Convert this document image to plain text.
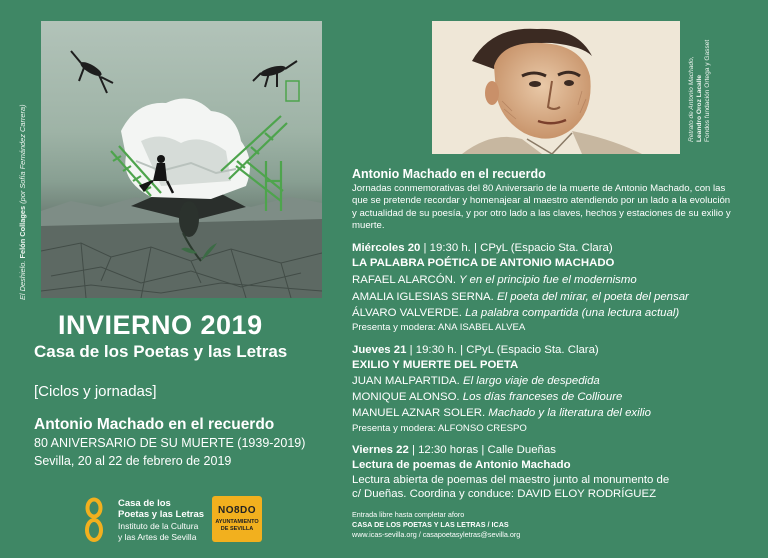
El Deshielo. Felón Collages (por Sofía Fernández Carrera)
INVIERNO 2019
Casa de los Poetas y las Letras
[Ciclos y jornadas]
Antonio Machado en el recuerdo
80 ANIVERSARIO DE SU MUERTE (1939-2019)
Sevilla, 20 al 22 de febrero de 2019
Casa de los
Poetas y las Letras
Instituto de la Cultura
y las Artes de Sevilla
NO8DO
AYUNTAMIENTO
DE SEVILLA
Retrato de Antonio Machado, Leandro Oroz Lacalle Fondos fundación Ortega y Gasset
Antonio Machado en el recuerdo
Jornadas conmemorativas del 80 Aniversario de la muerte de Antonio Machado, con las que se pretende recordar y homenajear al maestro atendiendo por un lado a la evolución y actualidad de su poesía, y por otro lado a las claves, hechos y estaciones de su exilio y muerte.
Miércoles 20 | 19:30 h. | CPyL (Espacio Sta. Clara)
LA PALABRA POÉTICA DE ANTONIO MACHADO
RAFAEL ALARCÓN. Y en el principio fue el modernismo
AMALIA IGLESIAS SERNA. El poeta del mirar, el poeta del pensar
ÁLVARO VALVERDE. La palabra compartida (una lectura actual)
Presenta y modera: ANA ISABEL ALVEA
Jueves 21 | 19:30 h. | CPyL (Espacio Sta. Clara)
EXILIO Y MUERTE DEL POETA
JUAN MALPARTIDA. El largo viaje de despedida
MONIQUE ALONSO. Los días franceses de Collioure
MANUEL AZNAR SOLER. Machado y la literatura del exilio
Presenta y modera: ALFONSO CRESPO
Viernes 22 | 12:30 horas | Calle Dueñas
Lectura de poemas de Antonio Machado
Lectura abierta de poemas del maestro junto al monumento de
c/ Dueñas. Coordina y conduce: DAVID ELOY RODRÍGUEZ
Entrada libre hasta completar aforo
CASA DE LOS POETAS Y LAS LETRAS / ICAS
www.icas-sevilla.org / casapoetasyletras@sevilla.org
